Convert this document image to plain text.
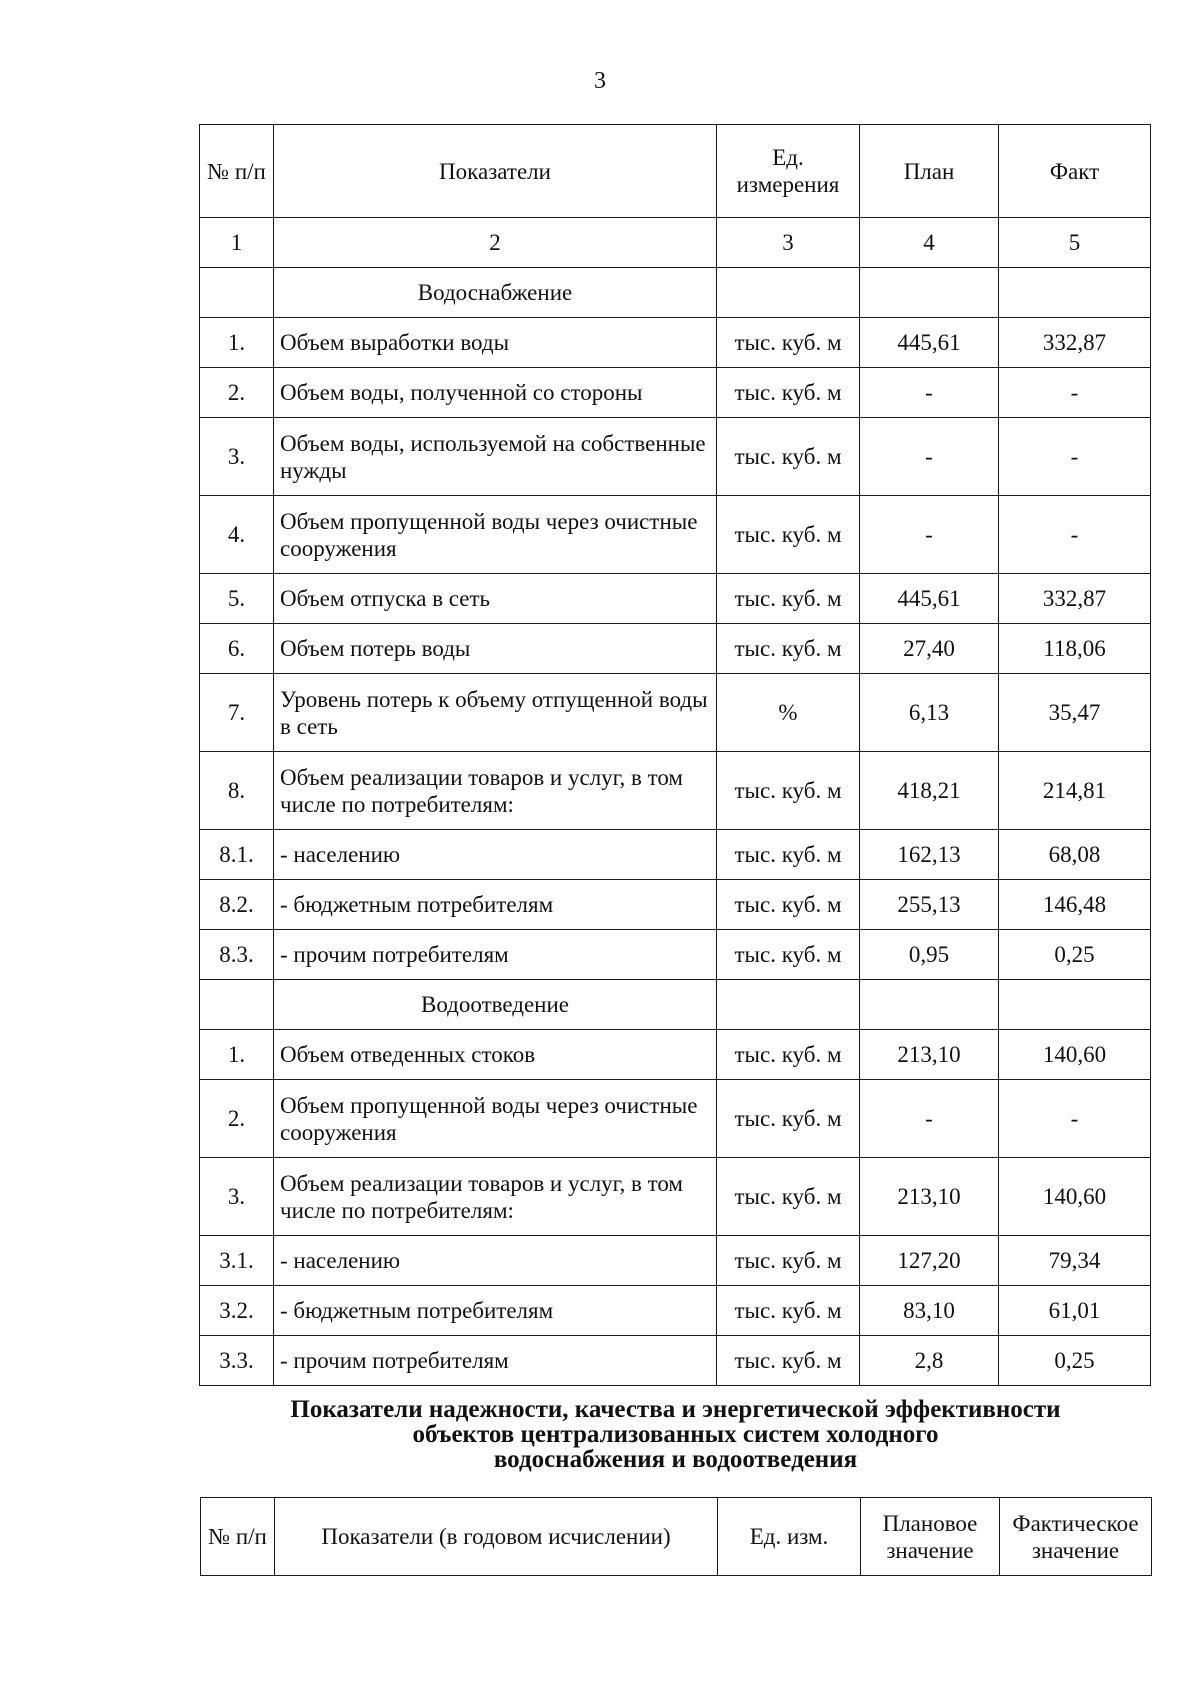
3
№ п/п	Показатели	Ед. измерения	План	Факт
1	2	3	4	5
	Водоснабжение			
1.	Объем выработки воды	тыс. куб. м	445,61	332,87
2.	Объем воды, полученной со стороны	тыс. куб. м	-	-
3.	Объем воды, используемой на собственные нужды	тыс. куб. м	-	-
4.	Объем пропущенной воды через очистные сооружения	тыс. куб. м	-	-
5.	Объем отпуска в сеть	тыс. куб. м	445,61	332,87
6.	Объем потерь воды	тыс. куб. м	27,40	118,06
7.	Уровень потерь к объему отпущенной воды в сеть	%	6,13	35,47
8.	Объем реализации товаров и услуг, в том числе по потребителям:	тыс. куб. м	418,21	214,81
8.1.	- населению	тыс. куб. м	162,13	68,08
8.2.	- бюджетным потребителям	тыс. куб. м	255,13	146,48
8.3.	- прочим потребителям	тыс. куб. м	0,95	0,25
	Водоотведение			
1.	Объем отведенных стоков	тыс. куб. м	213,10	140,60
2.	Объем пропущенной воды через очистные сооружения	тыс. куб. м	-	-
3.	Объем реализации товаров и услуг, в том числе по потребителям:	тыс. куб. м	213,10	140,60
3.1.	- населению	тыс. куб. м	127,20	79,34
3.2.	- бюджетным потребителям	тыс. куб. м	83,10	61,01
3.3.	- прочим потребителям	тыс. куб. м	2,8	0,25
Показатели надежности, качества и энергетической эффективности
объектов централизованных систем холодного
водоснабжения и водоотведения
№ п/п	Показатели (в годовом исчислении)	Ед. изм.	Плановое значение	Фактическое значение
